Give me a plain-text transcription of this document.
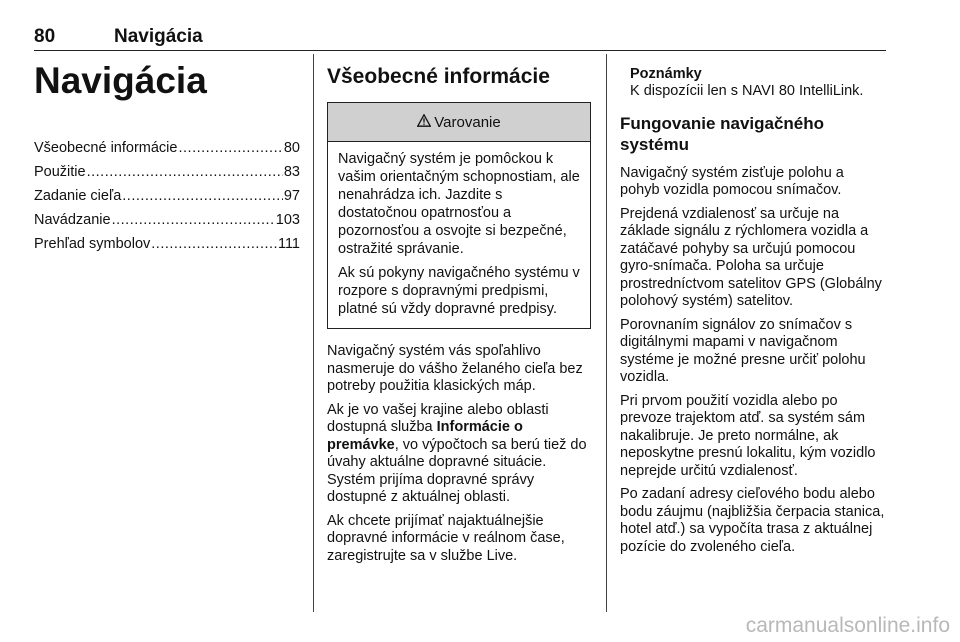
80	Navigácia
Navigácia
Všeobecné informácie .....	80
Použitie .....	83
Zadanie cieľa .....	97
Navádzanie .....	103
Prehľad symbolov .....	111
Všeobecné informácie
Varovanie

Navigačný systém je pomôckou k vašim orientačným schopnostiam, ale nenahrádza ich. Jazdite s dostatočnou opatrnosťou a pozornosťou a osvojte si bezpečné, ostražité správanie.

Ak sú pokyny navigačného systému v rozpore s dopravnými predpismi, platné sú vždy dopravné predpisy.

Navigačný systém vás spoľahlivo nasmeruje do vášho želaného cieľa bez potreby použitia klasických máp.

Ak je vo vašej krajine alebo oblasti dostupná služba Informácie o premávke, vo výpočtoch sa berú tiež do úvahy aktuálne dopravné situácie. Systém prijíma dopravné správy dostupné z aktuálnej oblasti.

Ak chcete prijímať najaktuálnejšie dopravné informácie v reálnom čase, zaregistrujte sa v službe Live.

Poznámky
K dispozícii len s NAVI 80 IntelliLink.
Fungovanie navigačného systému

Navigačný systém zisťuje polohu a pohyb vozidla pomocou snímačov.

Prejdená vzdialenosť sa určuje na základe signálu z rýchlomera vozidla a zatáčavé pohyby sa určujú pomocou gyro-snímača. Poloha sa určuje prostredníctvom satelitov GPS (Globálny polohový systém) satelitov.

Porovnaním signálov zo snímačov s digitálnymi mapami v navigačnom systéme je možné presne určiť polohu vozidla.

Pri prvom použití vozidla alebo po prevoze trajektom atď. sa systém sám nakalibruje. Je preto normálne, ak neposkytne presnú lokalitu, kým vozidlo neprejde určitú vzdialenosť.

Po zadaní adresy cieľového bodu alebo bodu záujmu (najbližšia čerpacia stanica, hotel atď.) sa vypočíta trasa z aktuálnej pozície do zvoleného cieľa.

carmanualsonline.info
